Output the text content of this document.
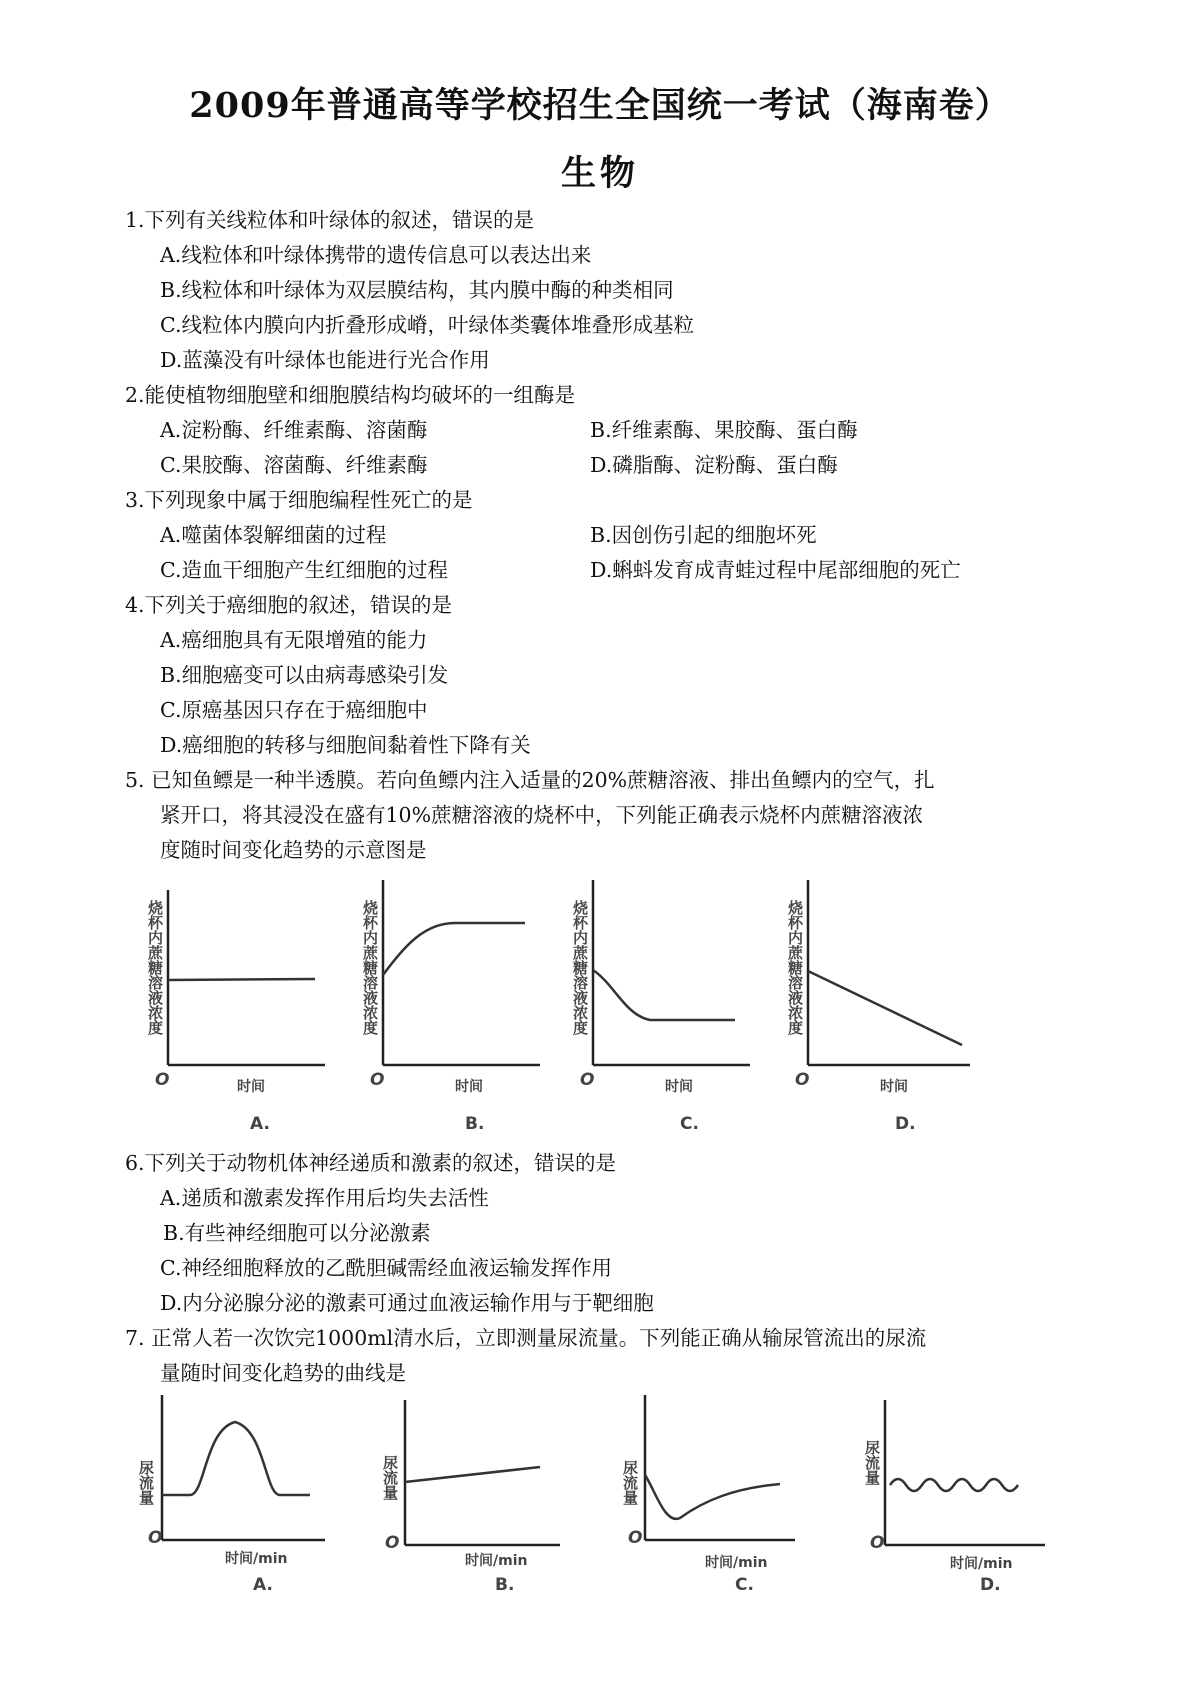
2009年普通高等学校招生全国统一考试（海南卷）
生物
1.下列有关线粒体和叶绿体的叙述，错误的是
A.线粒体和叶绿体携带的遗传信息可以表达出来
B.线粒体和叶绿体为双层膜结构，其内膜中酶的种类相同
C.线粒体内膜向内折叠形成嵴，叶绿体类囊体堆叠形成基粒
D.蓝藻没有叶绿体也能进行光合作用
2.能使植物细胞壁和细胞膜结构均破坏的一组酶是
A.淀粉酶、纤维素酶、溶菌酶	B.纤维素酶、果胶酶、蛋白酶
C.果胶酶、溶菌酶、纤维素酶	D.磷脂酶、淀粉酶、蛋白酶
3.下列现象中属于细胞编程性死亡的是
A.噬菌体裂解细菌的过程	B.因创伤引起的细胞坏死
C.造血干细胞产生红细胞的过程	D.蝌蚪发育成青蛙过程中尾部细胞的死亡
4.下列关于癌细胞的叙述，错误的是
A.癌细胞具有无限增殖的能力
B.细胞癌变可以由病毒感染引发
C.原癌基因只存在于癌细胞中
D.癌细胞的转移与细胞间黏着性下降有关
5. 已知鱼鳔是一种半透膜。若向鱼鳔内注入适量的20%蔗糖溶液、排出鱼鳔内的空气，扎
紧开口，将其浸没在盛有10%蔗糖溶液的烧杯中，下列能正确表示烧杯内蔗糖溶液浓
度随时间变化趋势的示意图是
烧杯内蔗糖溶液浓度	烧杯内蔗糖溶液浓度	烧杯内蔗糖溶液浓度	烧杯内蔗糖溶液浓度
O	O	O	O
时间	时间	时间	时间
A.	B.	C.	D.
6.下列关于动物机体神经递质和激素的叙述，错误的是
A.递质和激素发挥作用后均失去活性
B.有些神经细胞可以分泌激素
C.神经细胞释放的乙酰胆碱需经血液运输发挥作用
D.内分泌腺分泌的激素可通过血液运输作用与于靶细胞
7. 正常人若一次饮完1000ml清水后，立即测量尿流量。下列能正确从输尿管流出的尿流
量随时间变化趋势的曲线是
尿流量	尿流量	尿流量	尿流量
O	O	O	O
时间/min	时间/min	时间/min	时间/min
A.	B.	C.	D.
